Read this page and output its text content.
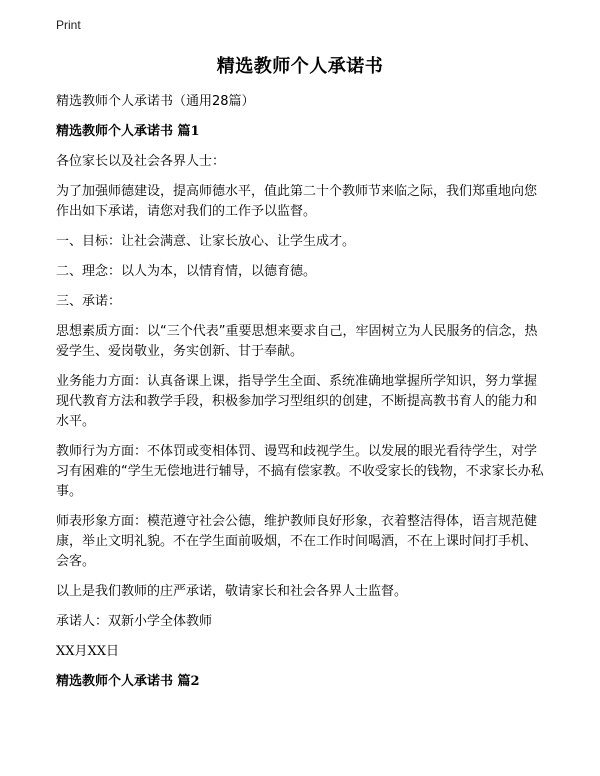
Print
精选教师个人承诺书

精选教师个人承诺书（通用28篇）

精选教师个人承诺书 篇1

各位家长以及社会各界人士：

为了加强师德建设，提高师德水平，值此第二十个教师节来临之际，我们郑重地向您作出如下承诺，请您对我们的工作予以监督。

一、目标：让社会满意、让家长放心、让学生成才。

二、理念：以人为本，以情育情，以德育德。

三、承诺：

思想素质方面：以“三个代表”重要思想来要求自己，牢固树立为人民服务的信念，热爱学生、爱岗敬业，务实创新、甘于奉献。

业务能力方面：认真备课上课，指导学生全面、系统准确地掌握所学知识，努力掌握现代教育方法和教学手段，积极参加学习型组织的创建，不断提高教书育人的能力和水平。

教师行为方面：不体罚或变相体罚、谩骂和歧视学生。以发展的眼光看待学生，对学习有困难的“学生无偿地进行辅导，不搞有偿家教。不收受家长的钱物，不求家长办私事。

师表形象方面：模范遵守社会公德，维护教师良好形象，衣着整洁得体，语言规范健康，举止文明礼貌。不在学生面前吸烟，不在工作时间喝酒，不在上课时间打手机、会客。

以上是我们教师的庄严承诺，敬请家长和社会各界人士监督。

承诺人：双新小学全体教师

XX月XX日

精选教师个人承诺书 篇2
